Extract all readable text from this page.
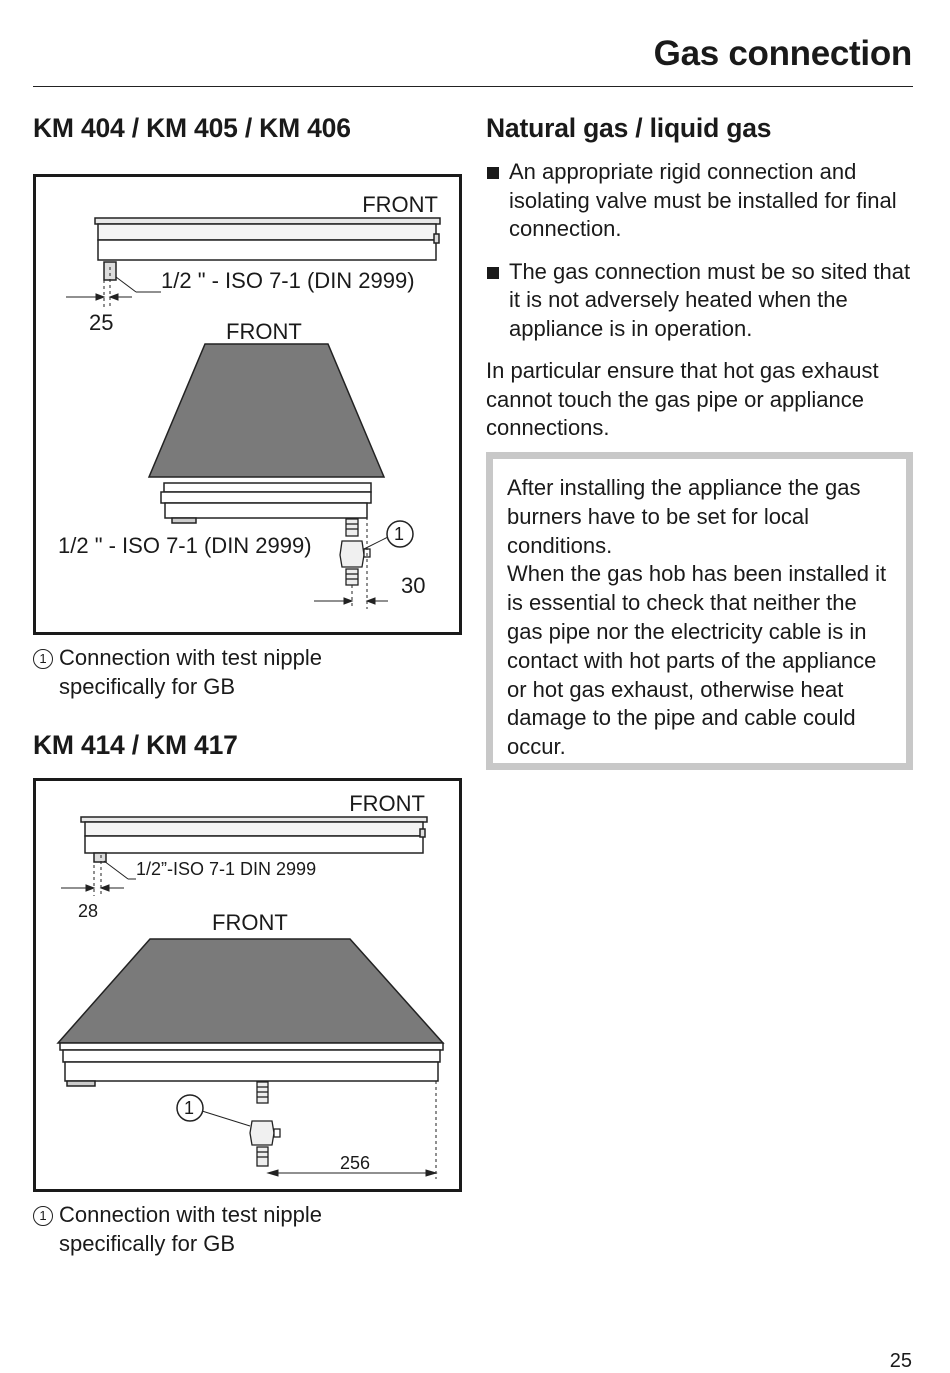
Gas connection
KM 404 / KM 405 / KM 406
FRONT
1/2 " - ISO 7-1 (DIN 2999)
25	FRONT
1/2 " - ISO 7-1 (DIN 2999)	1
30
1 Connection with test nipple
specifically for GB
KM 414 / KM 417
FRONT
1/2”-ISO 7-1 DIN 2999
28	FRONT
1
256
1 Connection with test nipple
specifically for GB
Natural gas / liquid gas
An appropriate rigid connection and isolating valve must be installed for final connection.
The gas connection must be so sited that it is not adversely heated when the appliance is in operation.
In particular ensure that hot gas exhaust cannot touch the gas pipe or appliance connections.
After installing the appliance the gas burners have to be set for local conditions.
When the gas hob has been installed it is essential to check that neither the gas pipe nor the electricity cable is in contact with hot parts of the appliance or hot gas exhaust, otherwise heat damage to the pipe and cable could occur.
25
